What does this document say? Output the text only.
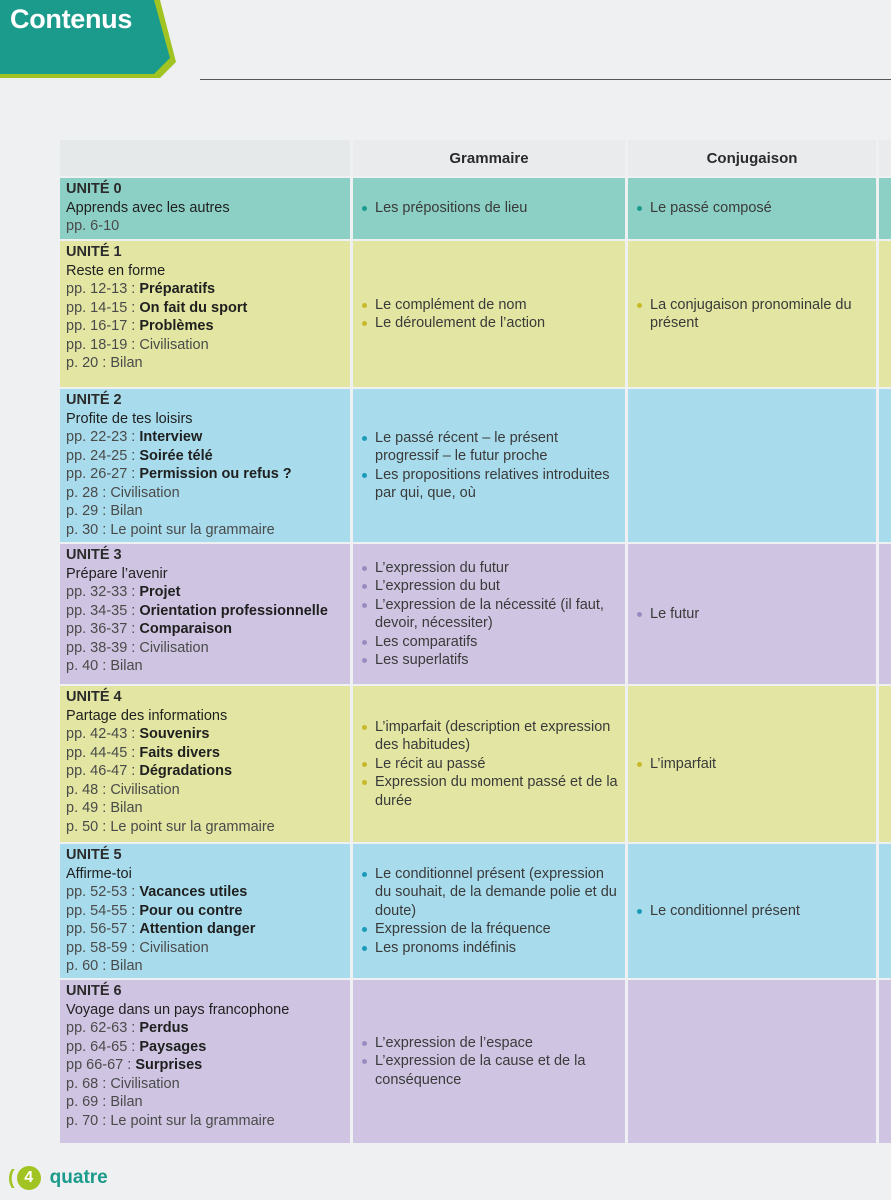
Contenus
Grammaire	Conjugaison
UNITÉ 0
Apprends avec les autres
pp. 6-10
Les prépositions de lieu	Le passé composé
UNITÉ 1
Reste en forme
pp. 12-13 : Préparatifs
pp. 14-15 : On fait du sport
pp. 16-17 : Problèmes
pp. 18-19 : Civilisation
p. 20 : Bilan
Le complément de nom
Le déroulement de l’action
La conjugaison pronominale du présent
UNITÉ 2
Profite de tes loisirs
pp. 22-23 : Interview
pp. 24-25 : Soirée télé
pp. 26-27 : Permission ou refus ?
p. 28 : Civilisation
p. 29 : Bilan
p. 30 : Le point sur la grammaire
Le passé récent – le présent progressif – le futur proche
Les propositions relatives introduites par qui, que, où
UNITÉ 3
Prépare l’avenir
pp. 32-33 : Projet
pp. 34-35 : Orientation professionnelle
pp. 36-37 : Comparaison
pp. 38-39 : Civilisation
p. 40 : Bilan
L’expression du futur
L’expression du but
L’expression de la nécessité (il faut, devoir, nécessiter)
Les comparatifs
Les superlatifs
Le futur
UNITÉ 4
Partage des informations
pp. 42-43 : Souvenirs
pp. 44-45 : Faits divers
pp. 46-47 : Dégradations
p. 48 : Civilisation
p. 49 : Bilan
p. 50 : Le point sur la grammaire
L’imparfait (description et expression des habitudes)
Le récit au passé
Expression du moment passé et de la durée
L’imparfait
UNITÉ 5
Affirme-toi
pp. 52-53 : Vacances utiles
pp. 54-55 : Pour ou contre
pp. 56-57 : Attention danger
pp. 58-59 : Civilisation
p. 60 : Bilan
Le conditionnel présent (expression du souhait, de la demande polie et du doute)
Expression de la fréquence
Les pronoms indéfinis
Le conditionnel présent
UNITÉ 6
Voyage dans un pays francophone
pp. 62-63 : Perdus
pp. 64-65 : Paysages
pp 66-67 : Surprises
p. 68 : Civilisation
p. 69 : Bilan
p. 70 : Le point sur la grammaire
L’expression de l’espace
L’expression de la cause et de la conséquence
( 4 quatre
